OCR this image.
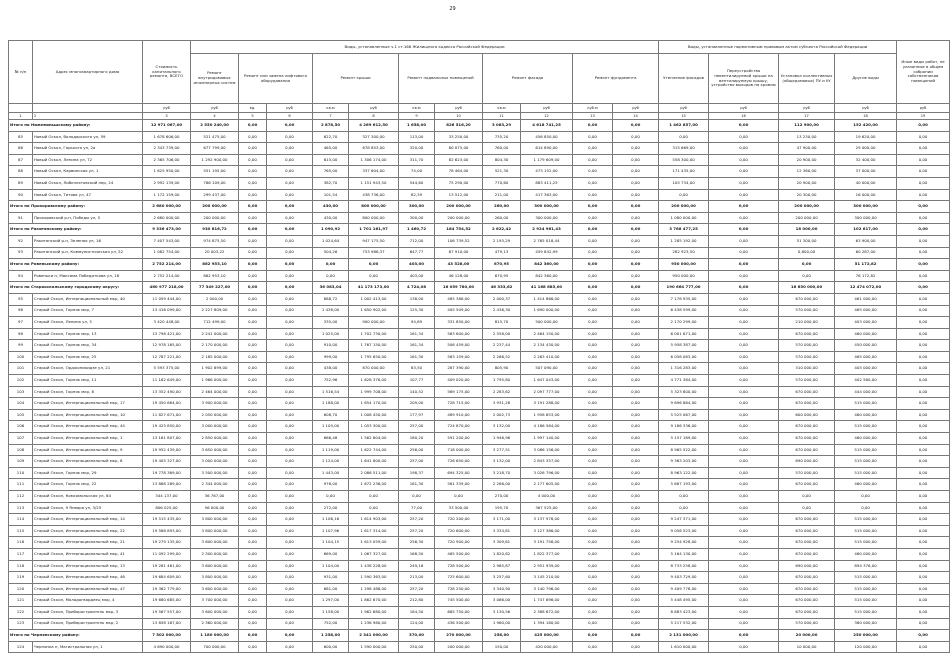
29
№ п/п	Адрес многоквартирного дома	Стоимость капитального ремонта, ВСЕГО	Виды, установленные ч.1 ст.166 Жилищного кодекса Российской Федерации											Виды, установленные нормативным правовым актом субъекта Российской Федерации				Иные виды работ, не указанные в общем собрании собственников помещений
			Ремонт внутридомовых инженерных систем	Ремонт или замена лифтового оборудования		Ремонт крыши		Ремонт подвальных помещений		Ремонт фасада		Ремонт фундамента		Утепление фасадов	Переустройство невентилируемой крыши на вентилируемую крышу, устройство выходов на кровлю	Установка коллективных (общедомовых) ПУ и УУ	Другие виды	
		руб	руб	ед.	руб	кв.м	руб	кв.м	руб	кв.м	руб	куб.м	руб	руб	руб	руб	руб	руб
1	2	3	4	5	6	7	8	9	10	11	12	13	14	15	16	17	18	19
Итого по Нижнеиньшскому району:		12 971 067,00	2 550 240,00	0,00	0,00	2 878,50	4 269 612,50	1 658,00	826 516,20	3 083,29	4 618 741,25	0,00	0,00	1 462 857,00	0,00	112 900,00	152 420,00	0,00
85	Новый Оскол, Володарского ул, 59	1 678 606,00	521 475,00	0,00	0,00	622,70	327 300,00	113,00	33 250,00	735,20	456 850,00	0,00	0,00	0,00	0,00	13 230,00	19 620,00	0,00
86	Новый Оскол, Горького ул, 2а	2 343 739,00	677 799,00	0,00	0,00	465,00	678 853,00	320,00	80 075,00	760,00	614 890,00	0,00	0,00	315 669,00	0,00	47 900,00	29 000,00	0,00
87	Новый Оскол, Ленина ул, 72	2 365 706,00	1 292 900,00	0,00	0,00	615,00	1 306 174,00	311,70	82 623,00	804,30	1 179 609,00	0,00	0,00	558 300,00	0,00	20 900,00	32 400,00	0,00
88	Новый Оскол, Карвинская ул, 1	1 625 950,00	551 195,00	0,00	0,00	765,00	337 604,00	74,00	78 464,00	521,30	473 152,00	0,00	0,00	171 435,00	0,00	12 360,00	37 000,00	0,00
89	Новый Оскол, Либкнехтовский пер, 24	2 992 139,00	766 109,00	0,00	0,00	382,70	1 151 943,50	544,60	75 290,00	770,60	883 411,25	0,00	0,00	105 734,00	0,00	20 900,00	40 000,00	0,00
90	Новый Оскол, Титова ул, 47	1 172 159,00	299 437,00	0,00	0,00	101,54	438 736,00	82,39	13 512,00	211,00	417 363,00	0,00	0,00	0,00	0,00	20 300,00	16 000,00	0,00
Итого по Прохоровскому району:		2 680 000,00	200 000,00	0,00	0,00	430,00	800 000,00	300,00	200 000,00	260,00	300 000,00	0,00	0,00	200 000,00	0,00	200 000,00	300 000,00	0,00
91	Прохоровский р-н, Победы ул, 5	2 680 000,00	200 000,00	0,00	0,00	430,00	800 000,00	300,00	200 000,00	260,00	300 000,00	0,00	0,00	1 080 000,00	0,00	200 000,00	300 000,00	0,00
Итого по Ракитянскому району:		9 336 473,00	930 816,72	0,00	0,00	1 090,92	1 701 161,97	1 460,72	184 754,52	2 622,42	2 924 961,43	0,00	0,00	3 768 477,25	0,00	18 000,00	102 617,00	0,00
92	Ракитянский р-н, Зеленая ул, 16	7 407 543,00	974 875,50	0,00	0,00	1 024,64	947 175,50	712,00	106 739,52	2 193,29	2 765 018,44	0,00	0,00	1 285 192,00	0,00	51 300,00	63 900,00	0,00
93	Ракитянский р-н, Коммунистическая ул, 52	1 082 754,00	20 003,22	0,00	0,00	504,26	753 986,37	647,77	67 910,00	479,13	459 842,99	0,00	0,00	282 923,50	0,00	0,800,00	60 287,00	0,00
Итого по Ровеньскому району:		2 752 214,00	862 953,10	0,00	0,00	0,00	0,00	403,00	43 528,00	670,95	842 360,00	0,00	0,00	950 000,00	0,00	0,00	51 172,82	0,00
94	Ровеньки п, Максима Победиткова ул, 18	2 752 214,00	862 953,10	0,00	0,00	0,00	0,00	403,00	46 128,00	670,95	842 360,00	0,00	0,00	950 000,00	0,00	0,00	76 172,82	0,00
Итого по Старооскольскому городскому округу:		460 977 218,00	77 349 227,00	0,00	0,00	36 083,04	41 173 173,00	4 724,08	16 059 780,00	46 333,62	41 168 685,00	0,00	0,00	190 664 777,00	0,00	16 650 000,00	12 474 072,00	0,00
95	Старый Оскол, Интернациональный мкр, 40	11 059 444,00	2 000,00	0,00	0,00	888,72	1 002 413,00	138,00	485 386,00	2 000,37	1 414 866,00	0,00	0,00	7 178 935,00	0,00	670 000,00	461 000,00	0,00
96	Старый Оскол, Горняк мкр, 7	13 416 099,00	2 227 809,00	0,00	0,00	1 438,00	1 650 902,00	125,30	405 509,00	2 436,30	1 690 000,00	0,00	0,00	6 438 599,00	0,00	570 000,00	465 000,00	0,00
97	Старый Оскол, Ленина ул, 5	3 420 448,00	712 499,00	0,00	0,00	335,00	900 000,00	94,89	331 850,00	815,70	500 000,00	0,00	0,00	2 170 299,00	0,00	210 000,00	403 000,00	0,00
98	Старый Оскол, Горняк мкр, 13	13 798 421,00	2 241 000,00	0,00	0,00	1 025,00	1 702 730,00	161,34	563 600,00	2 558,00	2 464 150,00	0,00	0,00	6 001 671,00	0,00	670 000,00	460 000,00	0,00
99	Старый Оскол, Горняк мкр, 34	12 978 165,00	2 170 000,00	0,00	0,00	910,00	1 767 150,00	161,34	506 459,00	2 237,44	2 134 430,00	0,00	0,00	5 958 387,00	0,00	570 000,00	450 000,00	0,00
100	Старый Оскол, Горняк мкр, 25	12 787 221,00	2 185 000,00	0,00	0,00	999,00	1 795 650,00	161,30	563 159,00	2 266,52	2 263 410,00	0,00	0,00	6 058 083,00	0,00	570 000,00	465 000,00	0,00
101	Старый Оскол, Орджоникидзе ул, 21	5 593 375,00	1 902 899,00	0,00	0,00	438,00	870 000,00	83,50	287 390,00	805,90	507 090,00	0,00	0,00	1 316 283,00	0,00	310 000,00	405 000,00	0,00
102	Старый Оскол, Горняк мкр, 11	11 162 649,00	1 966 000,00	0,00	0,00	752,96	1 628 376,00	107,77	409 020,00	1 795,80	1 647 043,00	0,00	0,00	4 771 384,00	0,00	570 000,00	402 580,00	0,00
103	Старый Оскол, Горняк мкр, 8	13 352 490,00	2 464 000,00	0,00	0,00	1 516,54	1 999 708,00	140,52	569 175,00	2 283,62	2 097 777,00	0,00	0,00	5 323 800,00	0,00	670 000,00	444 000,00	0,00
104	Старый Оскол, Интернациональный мкр, 17	19 450 664,00	3 900 000,00	0,00	0,00	1 188,00	1 654 170,00	209,00	728 715,00	3 931,28	3 191 288,00	0,00	0,00	9 696 864,00	0,00	670 000,00	515 000,00	0,00
105	Старый Оскол, Интернациональный мкр, 10	11 827 671,00	2 050 000,00	0,00	0,00	608,70	1 008 450,00	177,97	489 910,00	2 002,73	1 958 653,00	0,00	0,00	5 525 067,00	0,00	600 000,00	460 000,00	0,00
106	Старый Оскол, Интернациональный мкр, 44	19 425 850,00	3 000 000,00	0,00	0,00	1 105,00	1 053 300,00	257,00	724 870,00	3 132,00	4 186 564,00	0,00	0,00	9 186 336,00	0,00	670 000,00	515 000,00	0,00
107	Старый Оскол, Интернациональный мкр, 1	13 161 807,00	2 850 000,00	0,00	0,00	666,48	1 562 804,00	180,20	591 200,00	1 946,96	1 997 140,00	0,00	0,00	5 157 189,00	0,00	670 000,00	460 000,00	0,00
108	Старый Оскол, Интернациональный мкр, 9	19 952 439,00	3 650 000,00	0,00	0,00	1 119,00	1 622 744,00	256,00	718 000,00	3 277,51	3 086 156,00	0,00	0,00	8 965 522,00	0,00	670 000,00	515 000,00	0,00
109	Старый Оскол, Интернациональный мкр, 8	19 405 327,00	3 000 000,00	0,00	0,00	1 124,00	1 641 800,00	257,00	726 650,00	3 132,00	2 843 357,00	0,00	0,00	9 363 203,00	0,00	690 000,00	515 000,00	0,00
110	Старый Оскол, Горняк мкр, 29	19 778 369,00	3 500 000,00	0,00	0,00	1 443,00	2 086 511,00	198,37	694 325,00	3 218,70	3 026 796,00	0,00	0,00	8 963 122,00	0,00	570 000,00	515 000,00	0,00
111	Старый Оскол, Горняк мкр, 22	13 868 269,00	2 344 000,00	0,00	0,00	976,00	1 672 236,00	161,30	561 339,00	2 266,00	2 177 605,00	0,00	0,00	5 687 193,00	0,00	670 000,00	460 000,00	0,00
112	Старый Оскол, Комсомольская ул, 64	344 137,00	36 767,00	0,00	0,00	0,00	0,00	0,00	0,00	270,00	4 000,00	0,00	0,00	0,00	0,00	0,00	0,00	0,00
113	Старый Оскол, 9 Января ул, 3/25	806 025,00	56 000,00	0,00	0,00	272,00	0,00	77,00	33 500,00	195,70	367 525,00	0,00	0,00	0,00	0,00	0,00	0,00	0,00
114	Старый Оскол, Интернациональный мкр, 14	19 515 435,00	3 800 000,00	0,00	0,00	1 106,16	1 614 903,00	257,20	720 200,00	3 171,00	3 137 978,00	0,00	0,00	9 247 371,00	0,00	670 000,00	515 000,00	0,00
115	Старый Оскол, Интернациональный мкр, 22	19 568 893,00	3 800 000,00	0,00	0,00	1 107,96	1 617 314,00	257,20	720 600,00	3 334,81	3 127 386,00	0,00	0,00	9 058 523,00	0,00	670 000,00	515 000,00	0,00
116	Старый Оскол, Интернациональный мкр, 21	19 279 135,00	3 600 000,00	0,00	0,00	1 104,15	1 613 059,00	256,30	720 900,00	3 309,61	3 191 756,00	0,00	0,00	9 254 928,00	0,00	670 000,00	515 000,00	0,00
117	Старый Оскол, Интернациональный мкр, 41	11 092 299,00	2 300 000,00	0,00	0,00	669,00	1 067 327,00	168,50	465 500,00	1 820,82	1 822 377,00	0,00	0,00	5 164 130,00	0,00	670 000,00	460 000,00	0,00
118	Старый Оскол, Интернациональный мкр, 13	19 281 461,00	3 600 000,00	0,00	0,00	1 104,00	1 438 228,00	249,16	728 500,00	2 965,87	2 951 939,00	0,00	0,00	8 733 258,00	0,00	690 000,00	894 376,00	0,00
119	Старый Оскол, Интернациональный мкр, 46	19 684 609,00	3 800 000,00	0,00	0,00	931,00	1 590 363,00	213,00	725 600,00	3 257,60	3 145 210,00	0,00	0,00	9 403 729,00	0,00	670 000,00	515 000,00	0,00
120	Старый Оскол, Интернациональный мкр, 47	19 362 779,00	3 600 000,00	0,00	0,00	681,00	1 298 488,00	257,20	728 250,00	3 340,90	3 140 796,00	0,00	0,00	9 409 778,00	0,00	670 000,00	515 000,00	0,00
121	Старый Оскол, Молодогвардеец мкр, 4	19 680 685,00	3 700 000,00	0,00	0,00	1 297,00	1 862 670,00	212,80	745 500,00	3 066,00	1 747 696,00	0,00	0,00	5 448 495,00	0,00	670 000,00	515 000,00	0,00
122	Старый Оскол, Приборостроитель мкр, 3	19 567 557,00	3 600 000,00	0,00	0,00	1 158,00	1 962 680,00	184,50	665 750,00	3 130,56	2 388 672,00	0,00	0,00	8 883 423,00	0,00	670 000,00	515 000,00	0,00
123	Старый Оскол, Приборостроитель мкр, 2	13 858 167,00	2 360 000,00	0,00	0,00	752,00	1 236 980,00	124,00	436 500,00	1 960,00	1 394 180,00	0,00	0,00	5 217 532,00	0,00	570 000,00	380 000,00	0,00
Итого по Чернянскому району:		7 502 000,00	1 180 000,00	0,00	0,00	1 258,00	2 341 000,00	370,00	270 000,00	258,00	425 000,00	0,00	0,00	2 131 000,00	0,00	20 000,00	250 000,00	0,00
124	Чернянка п, Магистральная ул, 1	4 690 000,00	700 000,00	0,00	0,00	600,00	1 590 000,00	250,00	200 000,00	150,00	420 000,00	0,00	0,00	1 610 000,00	0,00	10 000,00	120 000,00	0,00
